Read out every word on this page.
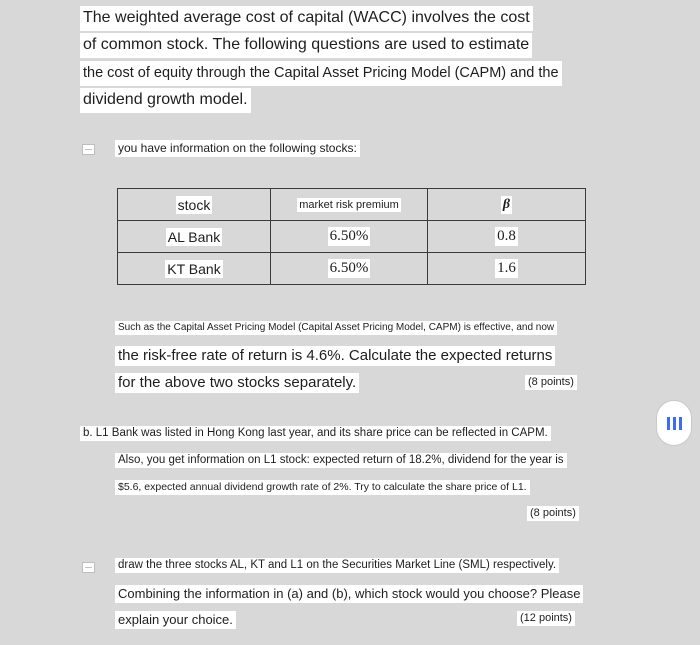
The weighted average cost of capital (WACC) involves the cost
of common stock. The following questions are used to estimate
the cost of equity through the Capital Asset Pricing Model (CAPM) and the
dividend growth model.
— you have information on the following stocks:
stock	market risk premium	β
AL Bank	6.50%	0.8
KT Bank	6.50%	1.6
Such as the Capital Asset Pricing Model (Capital Asset Pricing Model, CAPM) is effective, and now
the risk-free rate of return is 4.6%. Calculate the expected returns
for the above two stocks separately.	(8 points)
b. L1 Bank was listed in Hong Kong last year, and its share price can be reflected in CAPM.
Also, you get information on L1 stock: expected return of 18.2%, dividend for the year is
$5.6, expected annual dividend growth rate of 2%. Try to calculate the share price of L1.
(8 points)
— draw the three stocks AL, KT and L1 on the Securities Market Line (SML) respectively.
Combining the information in (a) and (b), which stock would you choose? Please
explain your choice.	(12 points)
